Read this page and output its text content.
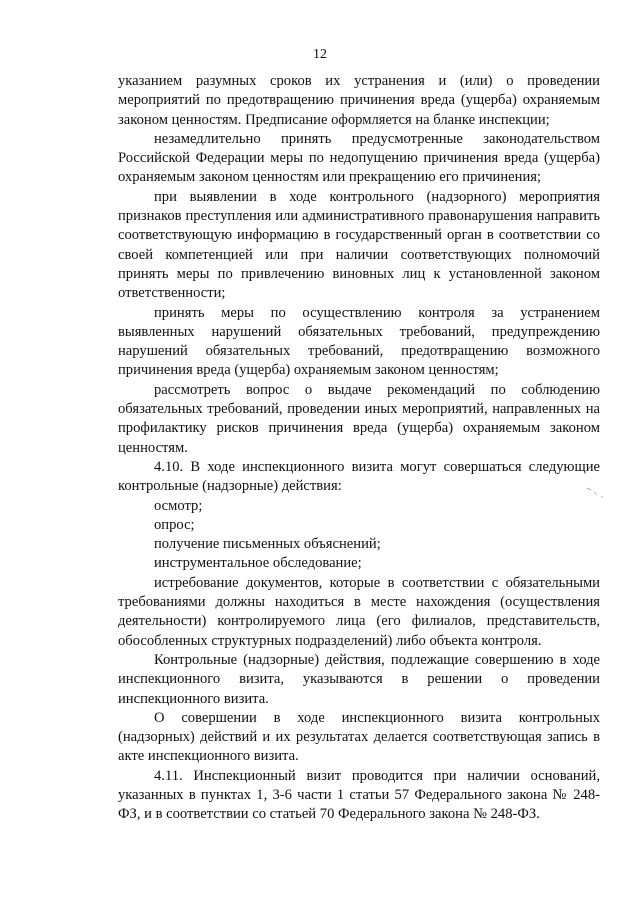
12

указанием разумных сроков их устранения и (или) о проведении мероприятий по предотвращению причинения вреда (ущерба) охраняемым законом ценностям. Предписание оформляется на бланке инспекции;

незамедлительно принять предусмотренные законодательством Российской Федерации меры по недопущению причинения вреда (ущерба) охраняемым законом ценностям или прекращению его причинения;

при выявлении в ходе контрольного (надзорного) мероприятия признаков преступления или административного правонарушения направить соответствующую информацию в государственный орган в соответствии со своей компетенцией или при наличии соответствующих полномочий принять меры по привлечению виновных лиц к установленной законом ответственности;

принять меры по осуществлению контроля за устранением выявленных нарушений обязательных требований, предупреждению нарушений обязательных требований, предотвращению возможного причинения вреда (ущерба) охраняемым законом ценностям;

рассмотреть вопрос о выдаче рекомендаций по соблюдению обязательных требований, проведении иных мероприятий, направленных на профилактику рисков причинения вреда (ущерба) охраняемым законом ценностям.

4.10. В ходе инспекционного визита могут совершаться следующие контрольные (надзорные) действия:

осмотр;

опрос;

получение письменных объяснений;

инструментальное обследование;

истребование документов, которые в соответствии с обязательными требованиями должны находиться в месте нахождения (осуществления деятельности) контролируемого лица (его филиалов, представительств, обособленных структурных подразделений) либо объекта контроля.

Контрольные (надзорные) действия, подлежащие совершению в ходе инспекционного визита, указываются в решении о проведении инспекционного визита.

О совершении в ходе инспекционного визита контрольных (надзорных) действий и их результатах делается соответствующая запись в акте инспекционного визита.

4.11. Инспекционный визит проводится при наличии оснований, указанных в пунктах 1, 3-6 части 1 статьи 57 Федерального закона № 248-ФЗ, и в соответствии со статьей 70 Федерального закона № 248-ФЗ.
